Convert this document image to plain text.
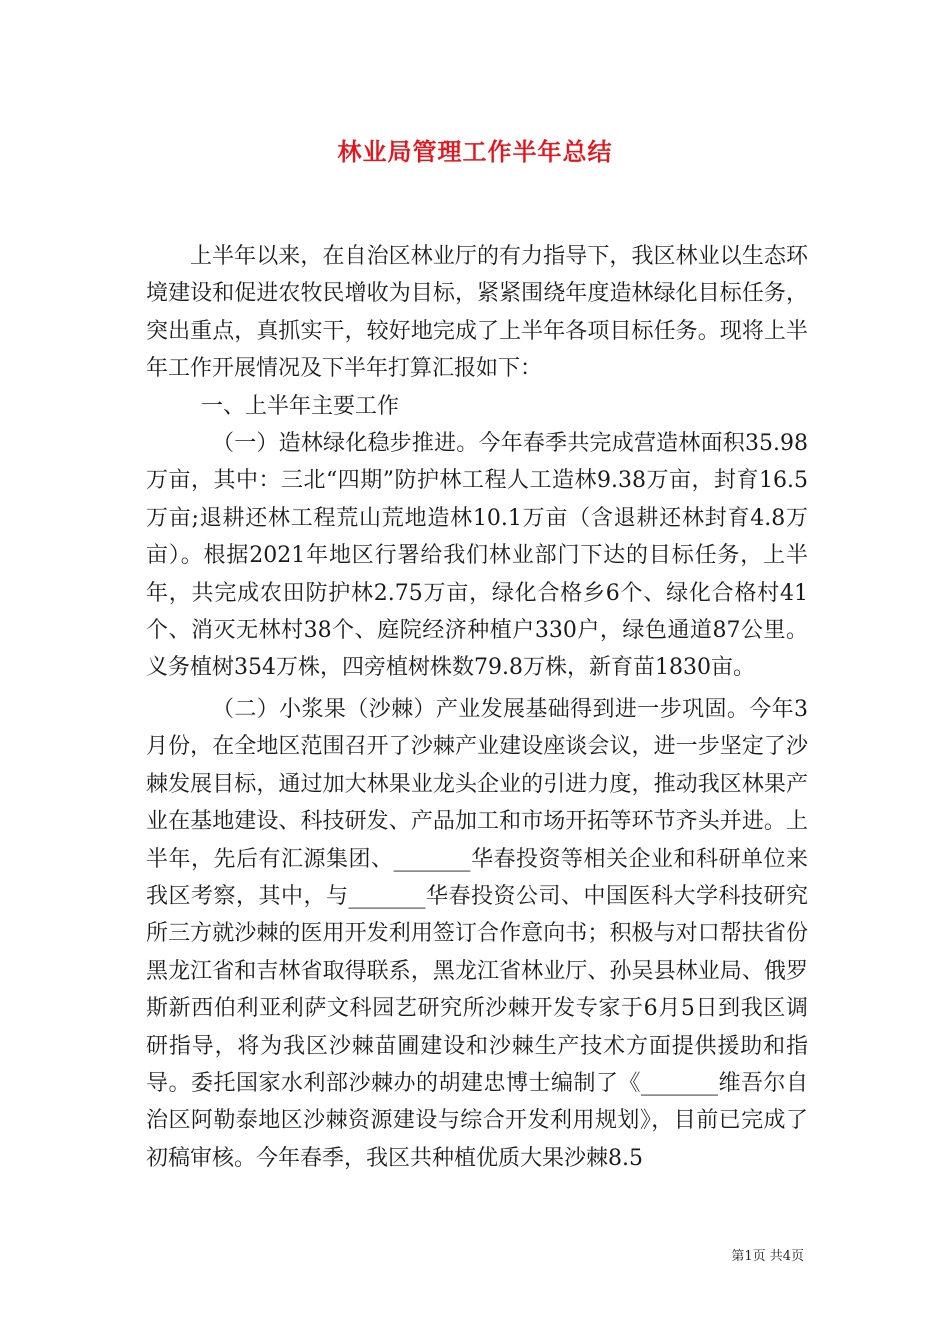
林业局管理工作半年总结

上半年以来，在自治区林业厅的有力指导下，我区林业以生态环境建设和促进农牧民增收为目标，紧紧围绕年度造林绿化目标任务，突出重点，真抓实干，较好地完成了上半年各项目标任务。现将上半年工作开展情况及下半年打算汇报如下：

一、上半年主要工作

（一）造林绿化稳步推进。今年春季共完成营造林面积35.98万亩，其中：三北“四期”防护林工程人工造林9.38万亩，封育16.5万亩;退耕还林工程荒山荒地造林10.1万亩（含退耕还林封育4.8万亩）。根据2021年地区行署给我们林业部门下达的目标任务，上半年，共完成农田防护林2.75万亩，绿化合格乡6个、绿化合格村41个、消灭无林村38个、庭院经济种植户330户，绿色通道87公里。义务植树354万株，四旁植树株数79.8万株，新育苗1830亩。

（二）小浆果（沙棘）产业发展基础得到进一步巩固。今年3月份，在全地区范围召开了沙棘产业建设座谈会议，进一步坚定了沙棘发展目标，通过加大林果业龙头企业的引进力度，推动我区林果产业在基地建设、科技研发、产品加工和市场开拓等环节齐头并进。上半年，先后有汇源集团、_______华春投资等相关企业和科研单位来我区考察，其中，与_______华春投资公司、中国医科大学科技研究所三方就沙棘的医用开发利用签订合作意向书；积极与对口帮扶省份黑龙江省和吉林省取得联系，黑龙江省林业厅、孙吴县林业局、俄罗斯新西伯利亚利萨文科园艺研究所沙棘开发专家于6月5日到我区调研指导，将为我区沙棘苗圃建设和沙棘生产技术方面提供援助和指导。委托国家水利部沙棘办的胡建忠博士编制了《_______维吾尔自治区阿勒泰地区沙棘资源建设与综合开发利用规划》，目前已完成了初稿审核。今年春季，我区共种植优质大果沙棘8.5

第1页 共4页
